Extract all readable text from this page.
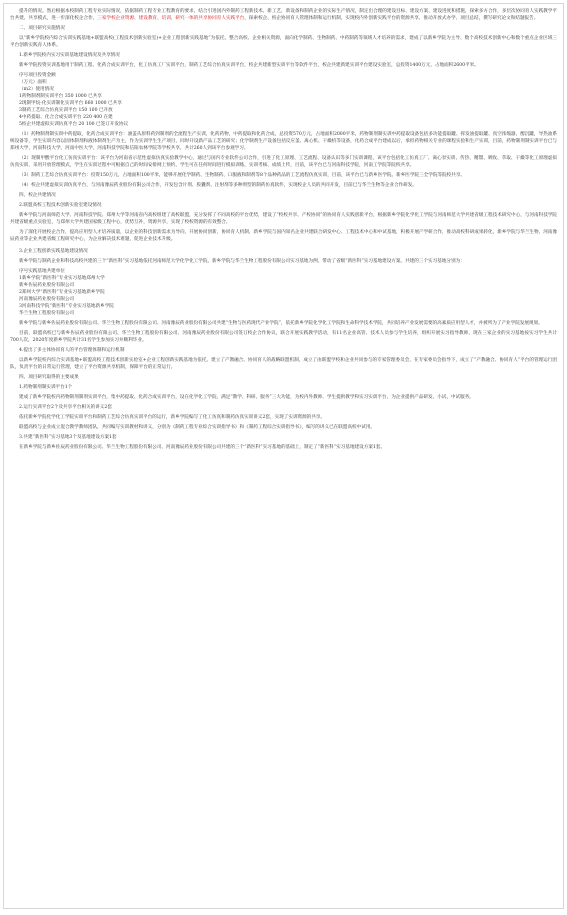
提升的情况。然后根据本校制药工程专业实际情况，依据制药工程专业工程教育的要求，结合引进国内外制药工程新技术、新工艺，新设备和制药企业的实际生产情况，制定出合理的建设目标、建设方案、建设进度和措施，探索多方合作，多层次协同育人实践教学平台共建、共享模式，进一步深化校企合作，三家学校企业资源、建设教育、培训、研究一体的共享协同育人实践平台，探索校企、校企协同育人管理体制和运行机制，实现校内外创新实践平台的资源共享，推动开放式办学、项目总结，撰写研究论文和结题报告。

二、项目研究实施情况

以“新乡学院校内综合实训实践基地+联盟高校(工程技术创新实验室)+企业工程创新实践基地”为依托，整合高校、企业相关资源，面向化学制药、生物制药、中药制药等领域人才培养的需求，建成了以新乡学院为主导、数个高校技术创新中心和数个重点企业区域三平台创新实践育人体系。

1.新乡学院校内实习实训基地建设情况及共享情况

新乡学院投资实训基地用于制药工程、化药合成实训平台，化工仿真工厂实训平台，制药工艺综合仿真实训平台，校企共建新型实训平台等软件平台，校企共建新建实训平台建设实验室，总投资1400万元，占地面积2600平米。

序号项目投资金额

（万元）面积

（m2）使用情况

1药物制剂制实训平台 350 1000 已共享

2现制甲烷-化实训制化实训平台 660 1000 已共享

3制药工艺综合仿真实训平台 150 100 已开放

4中药提取、化合合成实训平台 220 400 在建

5校企共建虚拟实训仿真平台 20 100 已签订开发协议

（1）药物制剂制实训中药提取，化药合成实训平台：涵盖从原料药到制剂的全流程生产实训，化药药物，中药提取和化药合成，总投资570万元，占地面积2000平米，药物制剂制实训中药提取设备包括多功能提取罐、挥发油提取罐、真空浓缩器、醇沉罐，导热油系统设备等，学生实训内容以固体制剂和液体制剂生产为主，作为实训学生生产项目，同时开设新产品工艺的研究；化学制剂生产设备包括反应釜、离心机、干燥机等设备，化药合成平台建成以后，承担药物相关专业的课程实验和生产实训，目前，药物制剂制实训平台已与郑州大学、河南科技大学、河南中医大学、河南科技学院和信阳农林学院等学校共享，共计260人到该平台参观学习。

（2）现制甲酸平台化工仿真实训平台：该平台为河南省示范性虚拟仿真实验教学中心，通过与国内专业软件公司合作，引进了化工原理、工艺流程、设备认识等多门实训课程，该平台包括化工仿真工厂、离心泵实训、传热、精馏、吸收、萃取、干燥等化工原理虚拟仿真实训，采用开放管理模式，学生在实训过程中可根据自己的时间安排网上预约，学生可在任何时间进行模拟训练，实训考核、成绩上传，目前，该平台已与河南科技学院，河南工学院等院校共享。

（3）制药工艺综合仿真实训平台：投资150万元，占地面积100平米，能够开展化学制药、生物制药、口服液和制剂等8个品种药品的工艺流程仿真实训，目前，该平台已与新乡医学院、新乡医学院三全学院等院校共享。

（4）校企共建虚拟实训仿真平台，与河南豫辰药业股份有限公司合作，开发包含片剂、胶囊剂、注射剂等多种剂型的制药仿真软件，实现校企人员的共同开发，目前已与华兰生物等企业合作研发。

四、校企共建情况

2.联盟高校工程技术创新实验室建设情况

新乡学院与河南师范大学、河南科技学院、郑州大学等河南省内高校组建了高校联盟，充分发挥了不同高校的平台优势，建设了“校校共享、产校协同”的协同育人实践创新平台，根据新乡学院化学化工学院与河南师范大学共建省级工程技术研究中心，与河南科技学院共建省级重点实验室，与郑州大学共建国家级工程中心，优势互补，资源共享，实现了校校资源的有效整合。

为了深化开展校企合作，提高应用型人才培养质量，以企业的科技创新需求为导向，开展协同创新，协同育人机制，新乡学院与国内知名企业共建联合研发中心、工程技术中心和中试基地，积极开展产学研合作，推动高校科研成果转化，新乡学院与华兰生物、河南豫辰药业等企业共建省级工程研究中心，为企业解决技术难题，促进企业技术升级。

3.企业工程创新实践基地建设情况

新乡学院与制药企业和科技高校共建的三个“新医科”实习基地依托河南师范大学化学化工学院，新乡学院与华兰生物工程股份有限公司实习基地为例，带动了省级“新医科”实习基地建设方案。共建的三个实习基地分别为：

序号实践基地共建单位

1新乡学院“新医科”专业实习基地郑州大学

新乡佐辰药业股份有限公司

2郑州大学“新医科”专业实习基地新乡学院

河南豫辰药业股份有限公司

3河南科技学院“新医科”专业实习基地新乡学院

华兰生物工程股份有限公司

新乡学院与新乡佐辰药业股份有限公司、华兰生物工程股份有限公司、河南豫辰药业股份有限公司共建“生物与医药现代产业学院”，依托新乡学院化学化工学院和生命科学技术学院，共同培养产业发展需要的高素质应用型人才，并被列为了产业学院发展规划。

目前，联盟高校已与新乡佐辰药业股份有限公司、华兰生物工程股份有限公司、河南豫辰药业股份有限公司签订校企合作协议，联合开展实践教学活动，有11名企业高管、技术人员参与学生培养，组织开展实习指导教师，现在三家企业的实习基地按实习学生共计700人次，2020年度新乡学院共计31名学生参加实习并顺利毕业。

4.提出了多主体协同育人的平台管理体制和运行机制

以新乡学院校内综合实训基地+联盟高校工程技术创新实验室+企业工程创新实践基地为依托，建立了产教融合、协同育人的战略联盟机制，成立了由联盟学校和企业共同参与的专家管理委员会，在专家委员会指导下，成立了“产教融合、协同育人”平台的管理运行团队，负责平台的日常运行管理，建立了平台资源共享机制，保障平台的正常运行。

四、项目研究取得的主要成果

1.药物制剂制实训平台1个

建成了新乡学院校内药物制剂制剂实训平台，集中药提取、化药合成实训平台，设在化学化工学院，满足“教学、科研、服务”三大功能，为校内外教师、学生提供教学和实习实训平台，为企业提供产品研发、小试、中试服务。

2.运行实训平台2个及共享平台相关的讲义2套

依托新乡学院化学化工学院实训平台和制药工艺综合仿真实训平台的运行，新乡学院编写了化工仿真和制药仿真实训讲义2套，实现了实训资源的共享。

联盟高校与企业成立混合教学教师团队，共同编写实训教材和讲义，分别为《制药工程专业综合实训指导书》和《制药工程综合实训指导书》，编写的讲义已在联盟高校中试用。

3.共建“新医科”实习基地3个及基地建设方案1套

在新乡学院与新乡佐辰药业股份有限公司、华兰生物工程股份有限公司、河南豫辰药业股份有限公司共建的三个“新医科”实习基地的基础上，制定了“新医科”实习基地建设方案1套。
